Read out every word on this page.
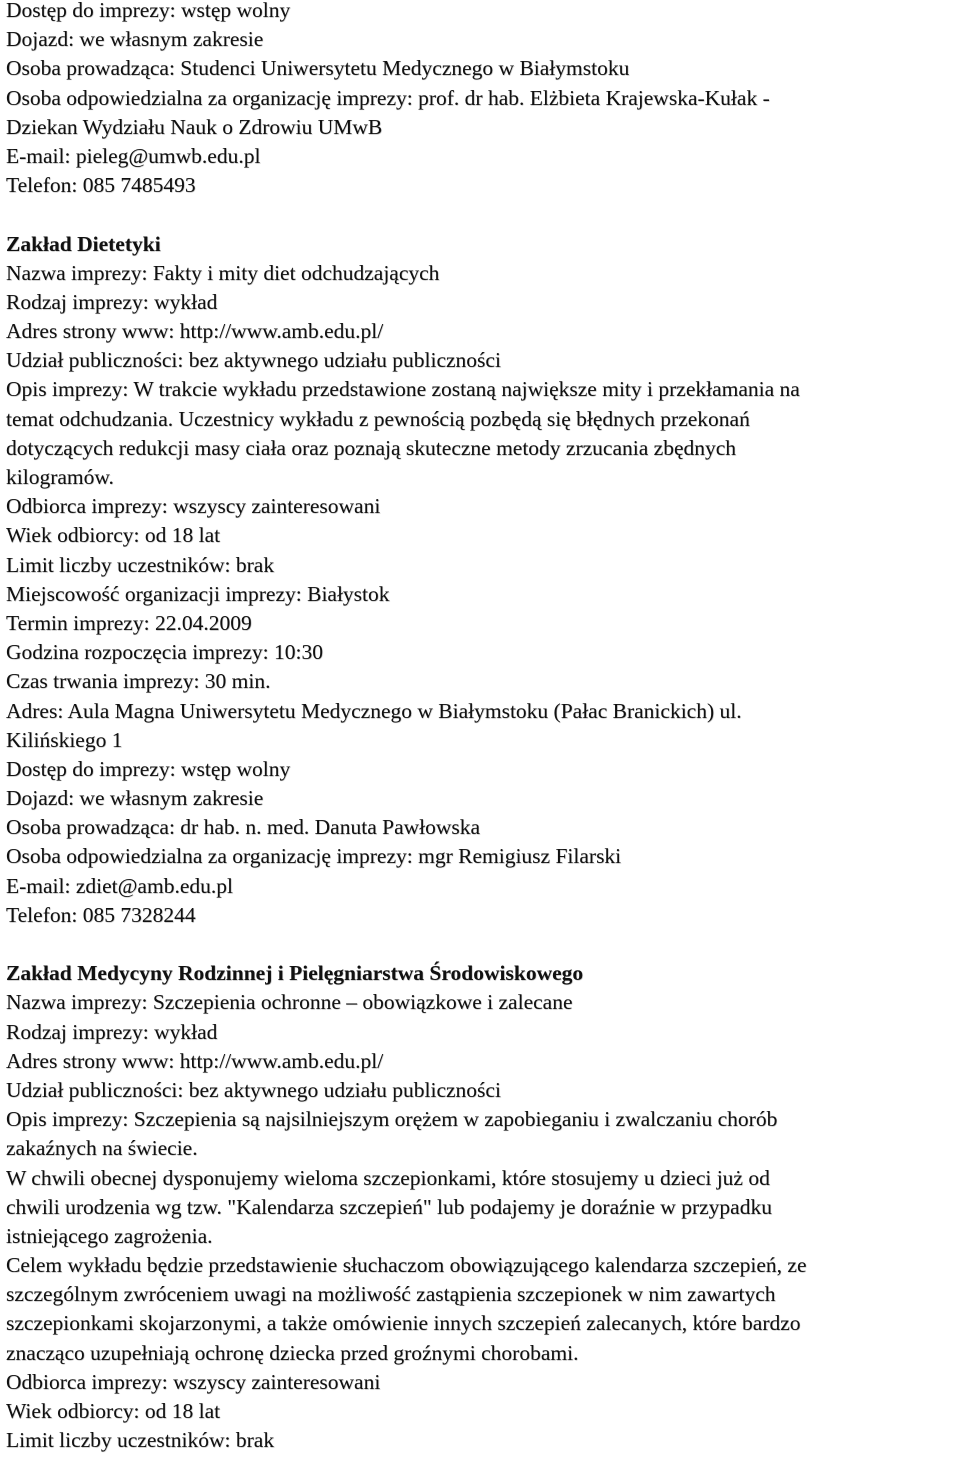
Dostęp do imprezy: wstęp wolny

Dojazd: we własnym zakresie

Osoba prowadząca: Studenci Uniwersytetu Medycznego w Białymstoku

Osoba odpowiedzialna za organizację imprezy: prof. dr hab. Elżbieta Krajewska-Kułak -

Dziekan Wydziału Nauk o Zdrowiu UMwB

E-mail: pieleg@umwb.edu.pl

Telefon: 085 7485493

Zakład Dietetyki

Nazwa imprezy: Fakty i mity diet odchudzających

Rodzaj imprezy: wykład

Adres strony www: http://www.amb.edu.pl/

Udział publiczności: bez aktywnego udziału publiczności

Opis imprezy: W trakcie wykładu przedstawione zostaną największe mity i przekłamania na

temat odchudzania. Uczestnicy wykładu z pewnością pozbędą się błędnych przekonań

dotyczących redukcji masy ciała oraz poznają skuteczne metody zrzucania zbędnych

kilogramów.

Odbiorca imprezy: wszyscy zainteresowani

Wiek odbiorcy: od 18 lat

Limit liczby uczestników: brak

Miejscowość organizacji imprezy: Białystok

Termin imprezy: 22.04.2009

Godzina rozpoczęcia imprezy: 10:30

Czas trwania imprezy: 30 min.

Adres: Aula Magna Uniwersytetu Medycznego w Białymstoku (Pałac Branickich) ul.

Kilińskiego 1

Dostęp do imprezy: wstęp wolny

Dojazd: we własnym zakresie

Osoba prowadząca: dr hab. n. med. Danuta Pawłowska

Osoba odpowiedzialna za organizację imprezy: mgr Remigiusz Filarski

E-mail: zdiet@amb.edu.pl

Telefon: 085 7328244

Zakład Medycyny Rodzinnej i Pielęgniarstwa Środowiskowego

Nazwa imprezy: Szczepienia ochronne – obowiązkowe i zalecane

Rodzaj imprezy: wykład

Adres strony www: http://www.amb.edu.pl/

Udział publiczności: bez aktywnego udziału publiczności

Opis imprezy: Szczepienia są najsilniejszym orężem w zapobieganiu i zwalczaniu chorób

zakaźnych na świecie.

W chwili obecnej dysponujemy wieloma szczepionkami, które stosujemy u dzieci już od

chwili urodzenia wg tzw. "Kalendarza szczepień" lub podajemy je doraźnie w przypadku

istniejącego zagrożenia.

Celem wykładu będzie przedstawienie słuchaczom obowiązującego kalendarza szczepień, ze

szczególnym zwróceniem uwagi na możliwość zastąpienia szczepionek w nim zawartych

szczepionkami skojarzonymi, a także omówienie innych szczepień zalecanych, które bardzo

znacząco uzupełniają ochronę dziecka przed groźnymi chorobami.

Odbiorca imprezy: wszyscy zainteresowani

Wiek odbiorcy: od 18 lat

Limit liczby uczestników: brak
